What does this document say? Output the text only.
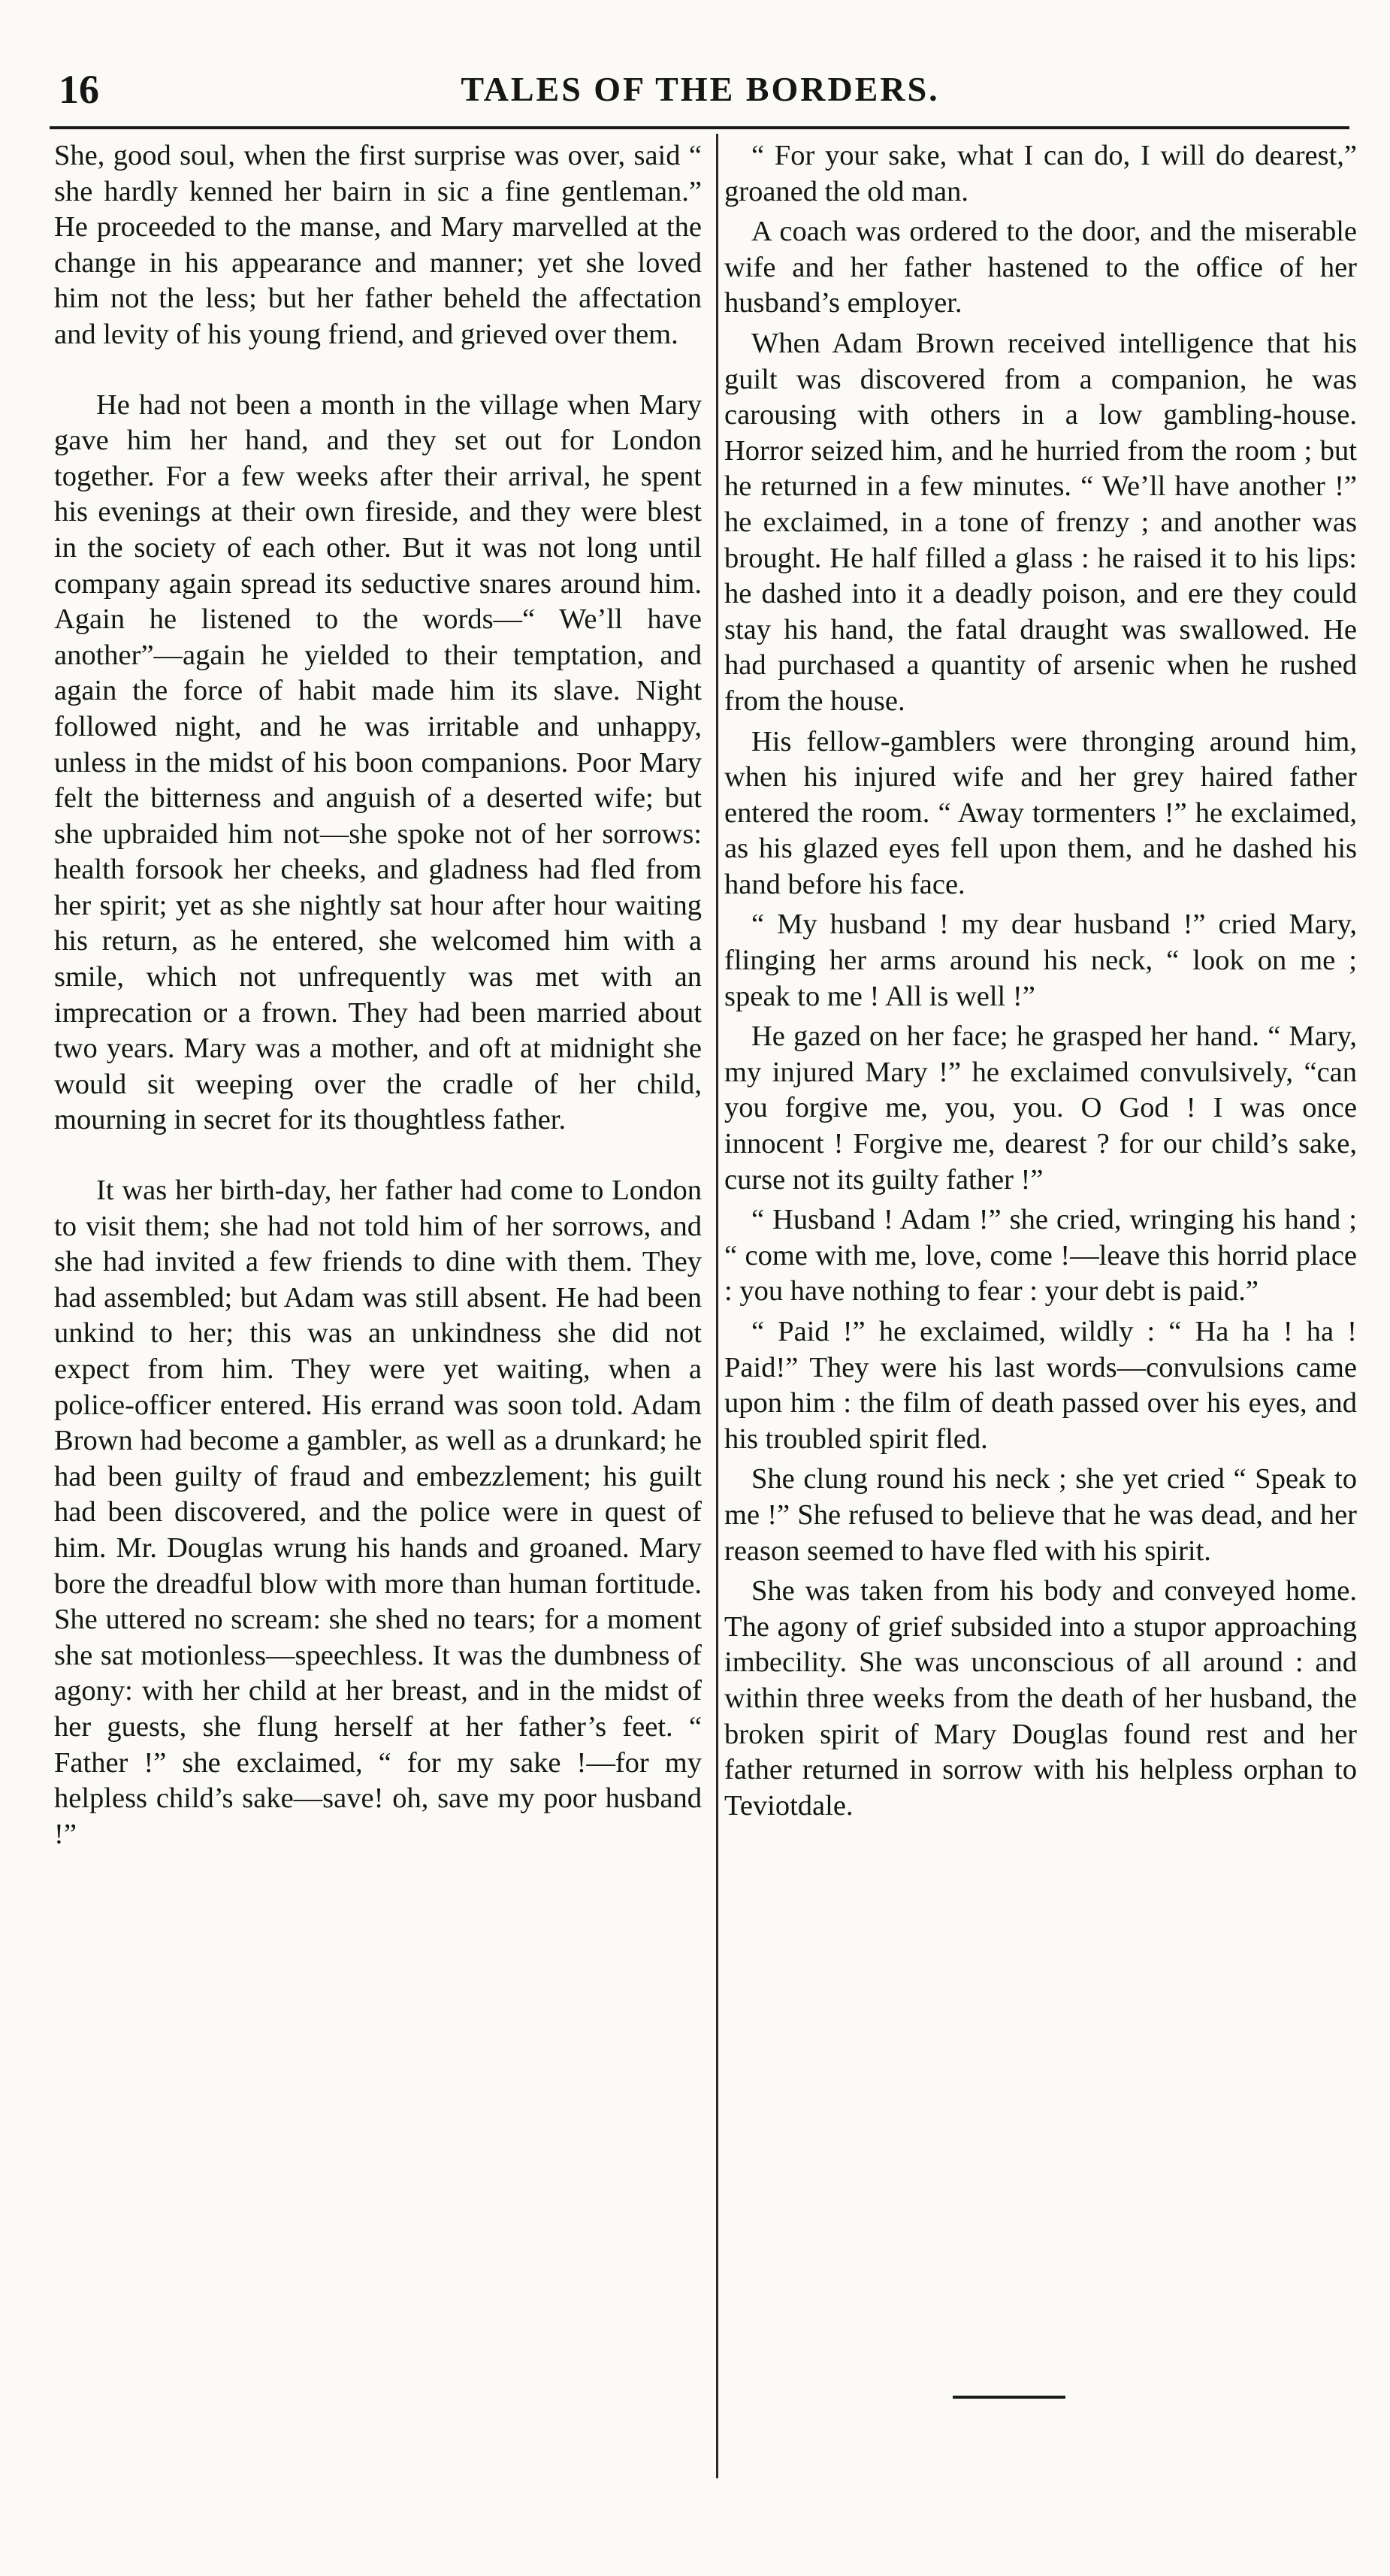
16	TALES OF THE BORDERS.

She, good soul, when the first surprise was over, said “ she hardly kenned her bairn in sic a fine gentleman.” He proceeded to the manse, and Mary marvelled at the change in his appearance and manner; yet she loved him not the less; but her father beheld the affectation and levity of his young friend, and grieved over them.

He had not been a month in the village when Mary gave him her hand, and they set out for London together. For a few weeks after their arrival, he spent his evenings at their own fireside, and they were blest in the society of each other. But it was not long until company again spread its seductive snares around him. Again he listened to the words—“ We’ll have another”—again he yielded to their temptation, and again the force of habit made him its slave. Night followed night, and he was irritable and unhappy, unless in the midst of his boon companions. Poor Mary felt the bitterness and anguish of a deserted wife; but she upbraided him not—she spoke not of her sorrows: health forsook her cheeks, and gladness had fled from her spirit; yet as she nightly sat hour after hour waiting his return, as he entered, she welcomed him with a smile, which not unfrequently was met with an imprecation or a frown. They had been married about two years. Mary was a mother, and oft at midnight she would sit weeping over the cradle of her child, mourning in secret for its thoughtless father.

It was her birth-day, her father had come to London to visit them; she had not told him of her sorrows, and she had invited a few friends to dine with them. They had assembled; but Adam was still absent. He had been unkind to her; this was an unkindness she did not expect from him. They were yet waiting, when a police-officer entered. His errand was soon told. Adam Brown had become a gambler, as well as a drunkard; he had been guilty of fraud and embezzlement; his guilt had been discovered, and the police were in quest of him. Mr. Douglas wrung his hands and groaned. Mary bore the dreadful blow with more than human fortitude. She uttered no scream: she shed no tears; for a moment she sat motionless—speechless. It was the dumbness of agony: with her child at her breast, and in the midst of her guests, she flung herself at her father’s feet. “ Father !” she exclaimed, “ for my sake !—for my helpless child’s sake—save! oh, save my poor husband !”

“ For your sake, what I can do, I will do dearest,” groaned the old man.

A coach was ordered to the door, and the miserable wife and her father hastened to the office of her husband’s employer.

When Adam Brown received intelligence that his guilt was discovered from a companion, he was carousing with others in a low gambling-house. Horror seized him, and he hurried from the room ; but he returned in a few minutes. “ We’ll have another !” he exclaimed, in a tone of frenzy ; and another was brought. He half filled a glass : he raised it to his lips: he dashed into it a deadly poison, and ere they could stay his hand, the fatal draught was swallowed. He had purchased a quantity of arsenic when he rushed from the house.

His fellow-gamblers were thronging around him, when his injured wife and her grey haired father entered the room. “ Away tormenters !” he exclaimed, as his glazed eyes fell upon them, and he dashed his hand before his face.

“ My husband ! my dear husband !” cried Mary, flinging her arms around his neck, “ look on me ; speak to me ! All is well !”

He gazed on her face; he grasped her hand. “ Mary, my injured Mary !” he exclaimed convulsively, “can you forgive me, you, you. O God ! I was once innocent ! Forgive me, dearest ? for our child’s sake, curse not its guilty father !”

“ Husband ! Adam !” she cried, wringing his hand ; “ come with me, love, come !—leave this horrid place : you have nothing to fear : your debt is paid.”

“ Paid !” he exclaimed, wildly : “ Ha ha ! ha ! Paid!” They were his last words—convulsions came upon him : the film of death passed over his eyes, and his troubled spirit fled.

She clung round his neck ; she yet cried “ Speak to me !” She refused to believe that he was dead, and her reason seemed to have fled with his spirit.

She was taken from his body and conveyed home. The agony of grief subsided into a stupor approaching imbecility. She was unconscious of all around : and within three weeks from the death of her husband, the broken spirit of Mary Douglas found rest and her father returned in sorrow with his helpless orphan to Teviotdale.
